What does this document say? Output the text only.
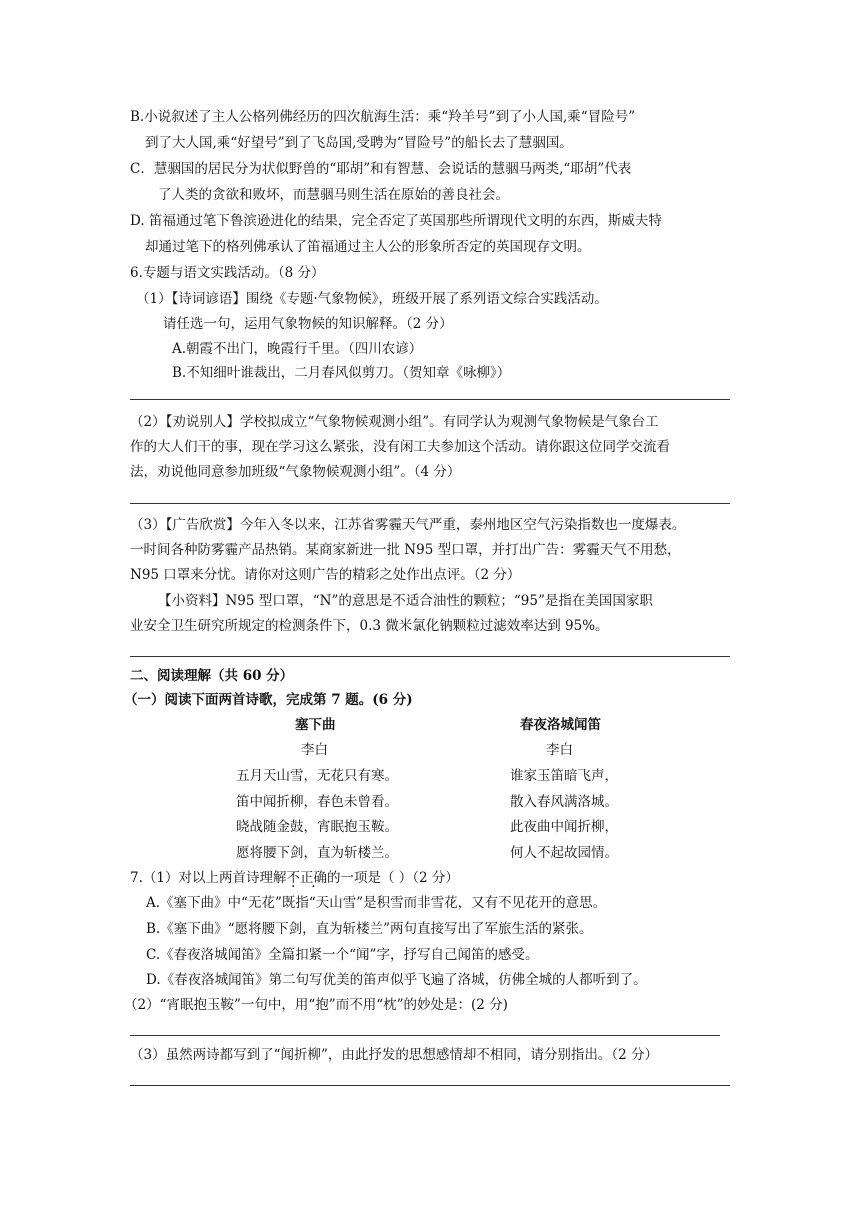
B.小说叙述了主人公格列佛经历的四次航海生活：乘“羚羊号”到了小人国,乘“冒险号”
到了大人国,乘“好望号”到了飞岛国,受聘为“冒险号”的船长去了慧骃国。
C．慧骃国的居民分为状似野兽的“耶胡”和有智慧、会说话的慧骃马两类,“耶胡”代表
了人类的贪欲和败坏，而慧骃马则生活在原始的善良社会。
D. 笛福通过笔下鲁滨逊进化的结果，完全否定了英国那些所谓现代文明的东西，斯威夫特
却通过笔下的格列佛承认了笛福通过主人公的形象所否定的英国现存文明。
6.专题与语文实践活动。（8 分）
（1）【诗词谚语】围绕《专题·气象物候》，班级开展了系列语文综合实践活动。
请任选一句，运用气象物候的知识解释。（2 分）
A.朝霞不出门，晚霞行千里。（四川农谚）
B.不知细叶谁裁出，二月春风似剪刀。（贺知章《咏柳》）
（2）【劝说别人】学校拟成立“气象物候观测小组”。有同学认为观测气象物候是气象台工
作的大人们干的事，现在学习这么紧张，没有闲工夫参加这个活动。请你跟这位同学交流看
法，劝说他同意参加班级“气象物候观测小组”。（4 分）
（3）【广告欣赏】今年入冬以来，江苏省雾霾天气严重，泰州地区空气污染指数也一度爆表。
一时间各种防雾霾产品热销。某商家新进一批 N95 型口罩，并打出广告：雾霾天气不用愁，
N95 口罩来分忧。请你对这则广告的精彩之处作出点评。（2 分）
【小资料】N95 型口罩，“N”的意思是不适合油性的颗粒；“95”是指在美国国家职
业安全卫生研究所规定的检测条件下，0.3 微米氯化钠颗粒过滤效率达到 95%。
二、阅读理解（共 60 分）
（一）阅读下面两首诗歌，完成第 7 题。(6 分)
塞下曲
李白
五月天山雪，无花只有寒。
笛中闻折柳，春色未曾看。
晓战随金鼓，宵眠抱玉鞍。
愿将腰下剑，直为斩楼兰。
春夜洛城闻笛
李白
谁家玉笛暗飞声，
散入春风满洛城。
此夜曲中闻折柳，
何人不起故园情。
7.（1）对以上两首诗理解不正确的一项是（ ）（2 分）
A.《塞下曲》中“无花”既指“天山雪”是积雪而非雪花，又有不见花开的意思。
B.《塞下曲》“愿将腰下剑，直为斩楼兰”两句直接写出了军旅生活的紧张。
C.《春夜洛城闻笛》全篇扣紧一个“闻”字，抒写自己闻笛的感受。
D.《春夜洛城闻笛》第二句写优美的笛声似乎飞遍了洛城，仿佛全城的人都听到了。
（2）“宵眠抱玉鞍”一句中，用“抱”而不用“枕”的妙处是：(2 分)
（3）虽然两诗都写到了“闻折柳”，由此抒发的思想感情却不相同，请分别指出。（2 分）
